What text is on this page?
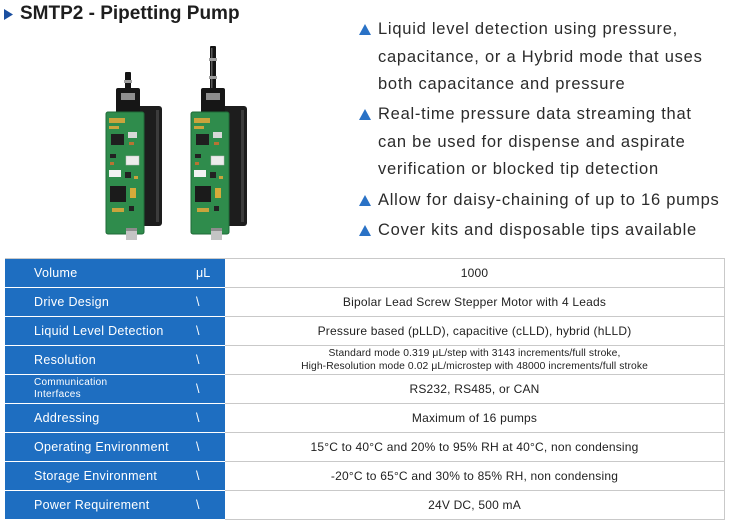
SMTP2 - Pipetting Pump
Liquid level detection using pressure,
capacitance, or a Hybrid mode that uses
both capacitance and pressure
Real-time pressure data streaming that
can be used for dispense and aspirate
verification or blocked tip detection
Allow for daisy-chaining of up to 16 pumps
Cover kits and disposable tips available
Volume	μL	1000
Drive Design	\	Bipolar Lead Screw Stepper Motor with 4 Leads
Liquid Level Detection	\	Pressure based (pLLD), capacitive (cLLD), hybrid (hLLD)
Resolution	\	Standard mode 0.319 μL/step with 3143 increments/full stroke,
High-Resolution mode 0.02 μL/microstep with 48000 increments/full stroke
Communication Interfaces	\	RS232, RS485, or CAN
Addressing	\	Maximum of 16 pumps
Operating Environment \	15°C to 40°C and 20% to 95% RH at 40°C, non condensing
Storage Environment	\	-20°C to 65°C and 30% to 85% RH, non condensing
Power Requirement	\	24V DC, 500 mA
